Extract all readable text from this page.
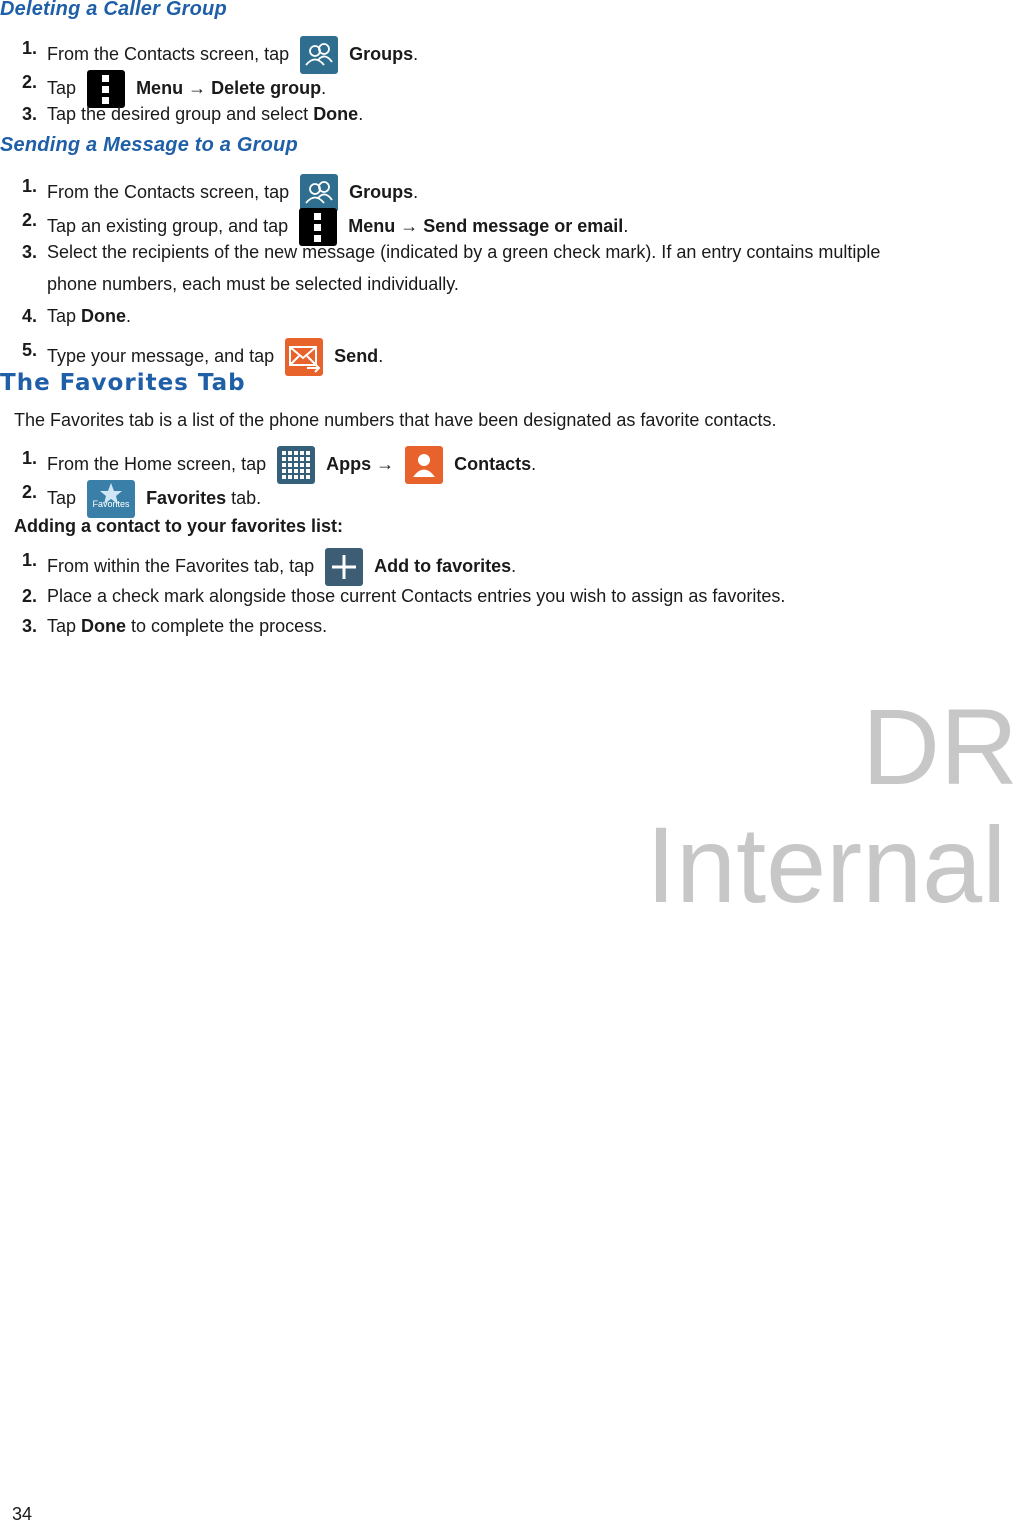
Deleting a Caller Group
1. From the Contacts screen, tap	Groups.
2. Tap	Menu → Delete group.
3. Tap the desired group and select Done.
Sending a Message to a Group
1. From the Contacts screen, tap	Groups.
2. Tap an existing group, and tap	Menu → Send message or email.
3. Select the recipients of the new message (indicated by a green check mark). If an entry contains multiple
phone numbers, each must be selected individually.
4. Tap Done.
5. Type your message, and tap	Send.
The Favorites Tab
The Favorites tab is a list of the phone numbers that have been designated as favorite contacts.
1. From the Home screen, tap	Apps →	Contacts.
2. Tap	Favorites Favorites tab.
Adding a contact to your favorites list:
1. From within the Favorites tab, tap	Add to favorites.
2. Place a check mark alongside those current Contacts entries you wish to assign as favorites.
3. Tap Done to complete the process.
DR
Internal
34
